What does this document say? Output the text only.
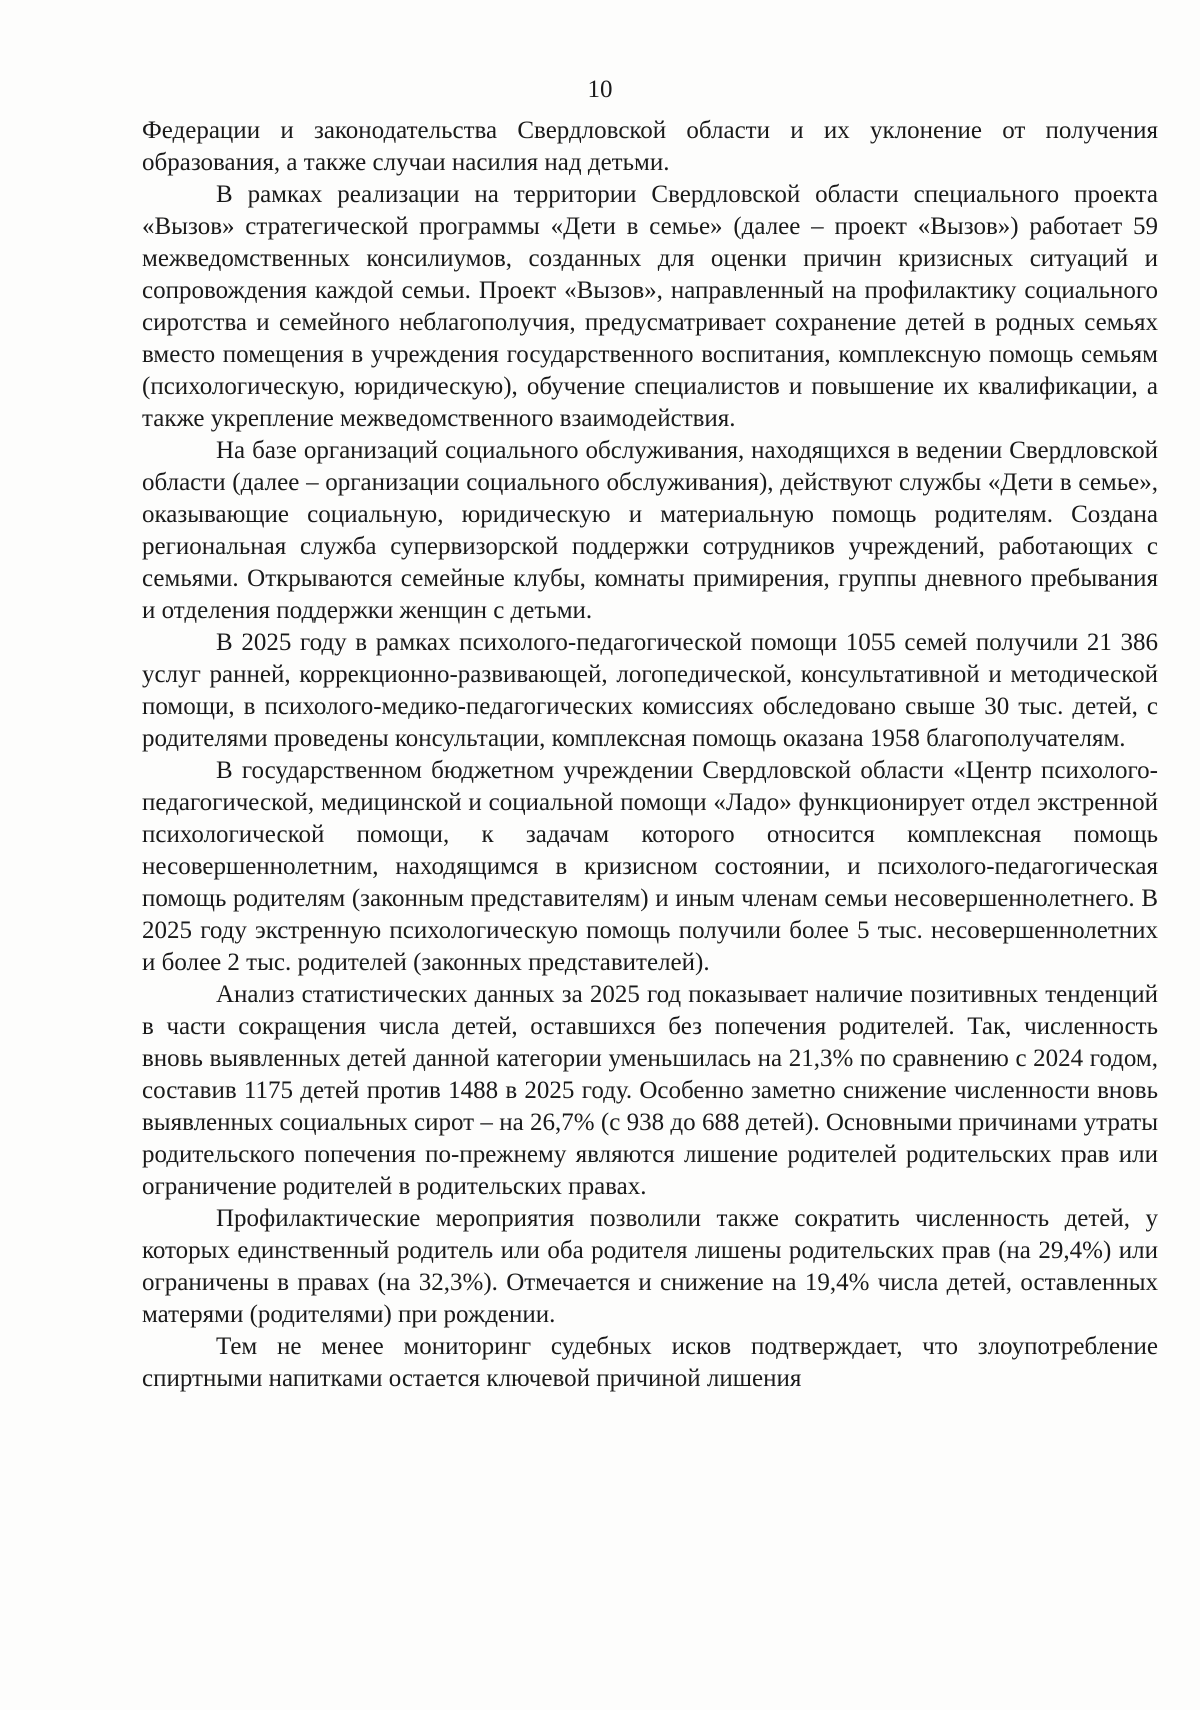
10

Федерации и законодательства Свердловской области и их уклонение от получения образования, а также случаи насилия над детьми.

В рамках реализации на территории Свердловской области специального проекта «Вызов» стратегической программы «Дети в семье» (далее – проект «Вызов») работает 59 межведомственных консилиумов, созданных для оценки причин кризисных ситуаций и сопровождения каждой семьи. Проект «Вызов», направленный на профилактику социального сиротства и семейного неблагополучия, предусматривает сохранение детей в родных семьях вместо помещения в учреждения государственного воспитания, комплексную помощь семьям (психологическую, юридическую), обучение специалистов и повышение их квалификации, а также укрепление межведомственного взаимодействия.

На базе организаций социального обслуживания, находящихся в ведении Свердловской области (далее – организации социального обслуживания), действуют службы «Дети в семье», оказывающие социальную, юридическую и материальную помощь родителям. Создана региональная служба супервизорской поддержки сотрудников учреждений, работающих с семьями. Открываются семейные клубы, комнаты примирения, группы дневного пребывания и отделения поддержки женщин с детьми.

В 2025 году в рамках психолого-педагогической помощи 1055 семей получили 21 386 услуг ранней, коррекционно-развивающей, логопедической, консультативной и методической помощи, в психолого-медико-педагогических комиссиях обследовано свыше 30 тыс. детей, с родителями проведены консультации, комплексная помощь оказана 1958 благополучателям.

В государственном бюджетном учреждении Свердловской области «Центр психолого-педагогической, медицинской и социальной помощи «Ладо» функционирует отдел экстренной психологической помощи, к задачам которого относится комплексная помощь несовершеннолетним, находящимся в кризисном состоянии, и психолого-педагогическая помощь родителям (законным представителям) и иным членам семьи несовершеннолетнего. В 2025 году экстренную психологическую помощь получили более 5 тыс. несовершеннолетних и более 2 тыс. родителей (законных представителей).

Анализ статистических данных за 2025 год показывает наличие позитивных тенденций в части сокращения числа детей, оставшихся без попечения родителей. Так, численность вновь выявленных детей данной категории уменьшилась на 21,3% по сравнению с 2024 годом, составив 1175 детей против 1488 в 2025 году. Особенно заметно снижение численности вновь выявленных социальных сирот – на 26,7% (с 938 до 688 детей). Основными причинами утраты родительского попечения по-прежнему являются лишение родителей родительских прав или ограничение родителей в родительских правах.

Профилактические мероприятия позволили также сократить численность детей, у которых единственный родитель или оба родителя лишены родительских прав (на 29,4%) или ограничены в правах (на 32,3%). Отмечается и снижение на 19,4% числа детей, оставленных матерями (родителями) при рождении.

Тем не менее мониторинг судебных исков подтверждает, что злоупотребление спиртными напитками остается ключевой причиной лишения
